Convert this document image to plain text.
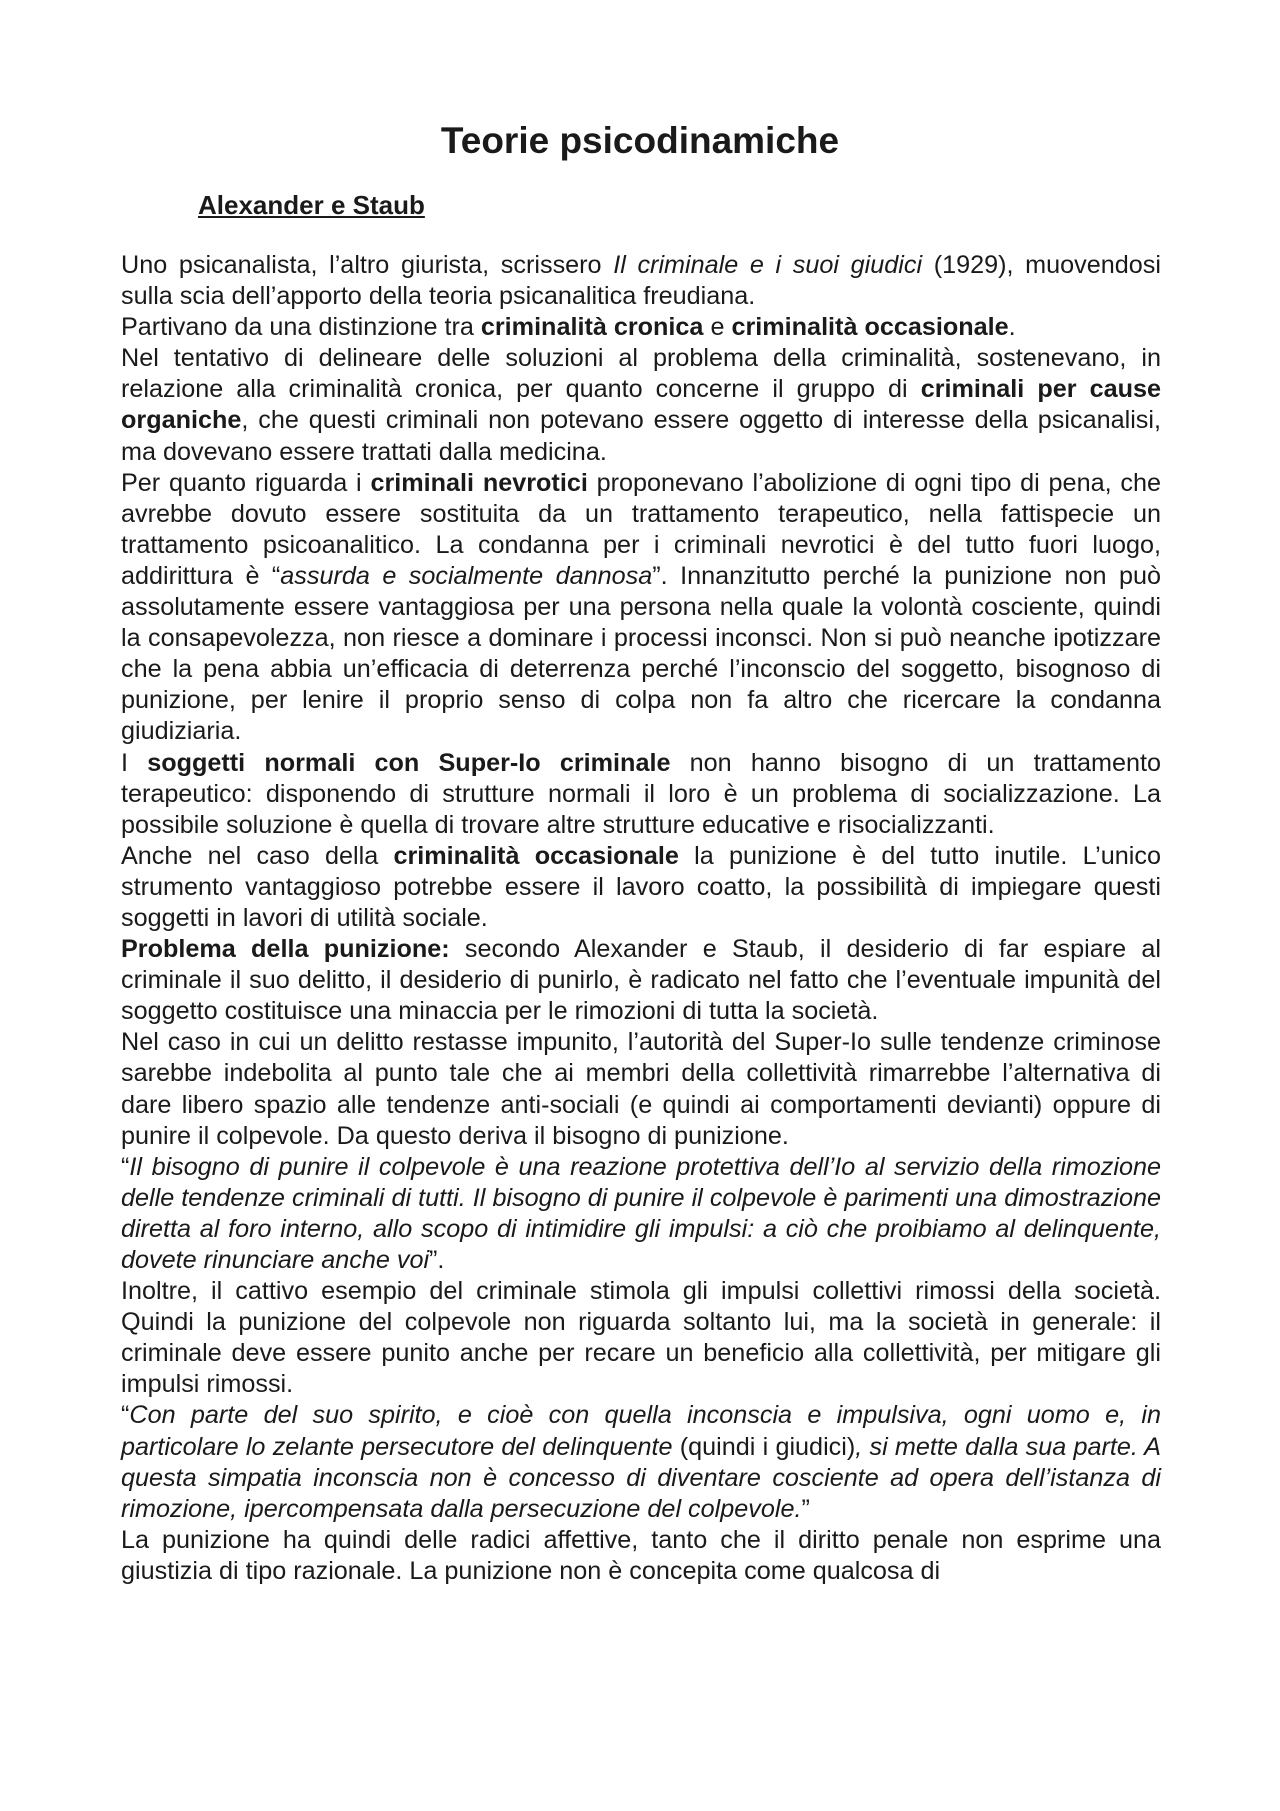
Teorie psicodinamiche
Alexander e Staub

Uno psicanalista, l’altro giurista, scrissero Il criminale e i suoi giudici (1929), muovendosi sulla scia dell’apporto della teoria psicanalitica freudiana.

Partivano da una distinzione tra criminalità cronica e criminalità occasionale.

Nel tentativo di delineare delle soluzioni al problema della criminalità, sostenevano, in relazione alla criminalità cronica, per quanto concerne il gruppo di criminali per cause organiche, che questi criminali non potevano essere oggetto di interesse della psicanalisi, ma dovevano essere trattati dalla medicina.

Per quanto riguarda i criminali nevrotici proponevano l’abolizione di ogni tipo di pena, che avrebbe dovuto essere sostituita da un trattamento terapeutico, nella fattispecie un trattamento psicoanalitico. La condanna per i criminali nevrotici è del tutto fuori luogo, addirittura è “assurda e socialmente dannosa”. Innanzitutto perché la punizione non può assolutamente essere vantaggiosa per una persona nella quale la volontà cosciente, quindi la consapevolezza, non riesce a dominare i processi inconsci. Non si può neanche ipotizzare che la pena abbia un’efficacia di deterrenza perché l’inconscio del soggetto, bisognoso di punizione, per lenire il proprio senso di colpa non fa altro che ricercare la condanna giudiziaria.

I soggetti normali con Super-Io criminale non hanno bisogno di un trattamento terapeutico: disponendo di strutture normali il loro è un problema di socializzazione. La possibile soluzione è quella di trovare altre strutture educative e risocializzanti.

Anche nel caso della criminalità occasionale la punizione è del tutto inutile. L’unico strumento vantaggioso potrebbe essere il lavoro coatto, la possibilità di impiegare questi soggetti in lavori di utilità sociale.

Problema della punizione: secondo Alexander e Staub, il desiderio di far espiare al criminale il suo delitto, il desiderio di punirlo, è radicato nel fatto che l’eventuale impunità del soggetto costituisce una minaccia per le rimozioni di tutta la società.

Nel caso in cui un delitto restasse impunito, l’autorità del Super-Io sulle tendenze criminose sarebbe indebolita al punto tale che ai membri della collettività rimarrebbe l’alternativa di dare libero spazio alle tendenze anti-sociali (e quindi ai comportamenti devianti) oppure di punire il colpevole. Da questo deriva il bisogno di punizione.

“Il bisogno di punire il colpevole è una reazione protettiva dell’Io al servizio della rimozione delle tendenze criminali di tutti. Il bisogno di punire il colpevole è parimenti una dimostrazione diretta al foro interno, allo scopo di intimidire gli impulsi: a ciò che proibiamo al delinquente, dovete rinunciare anche voi”.

Inoltre, il cattivo esempio del criminale stimola gli impulsi collettivi rimossi della società. Quindi la punizione del colpevole non riguarda soltanto lui, ma la società in generale: il criminale deve essere punito anche per recare un beneficio alla collettività, per mitigare gli impulsi rimossi.

“Con parte del suo spirito, e cioè con quella inconscia e impulsiva, ogni uomo e, in particolare lo zelante persecutore del delinquente (quindi i giudici), si mette dalla sua parte. A questa simpatia inconscia non è concesso di diventare cosciente ad opera dell’istanza di rimozione, ipercompensata dalla persecuzione del colpevole.”

La punizione ha quindi delle radici affettive, tanto che il diritto penale non esprime una giustizia di tipo razionale. La punizione non è concepita come qualcosa di
